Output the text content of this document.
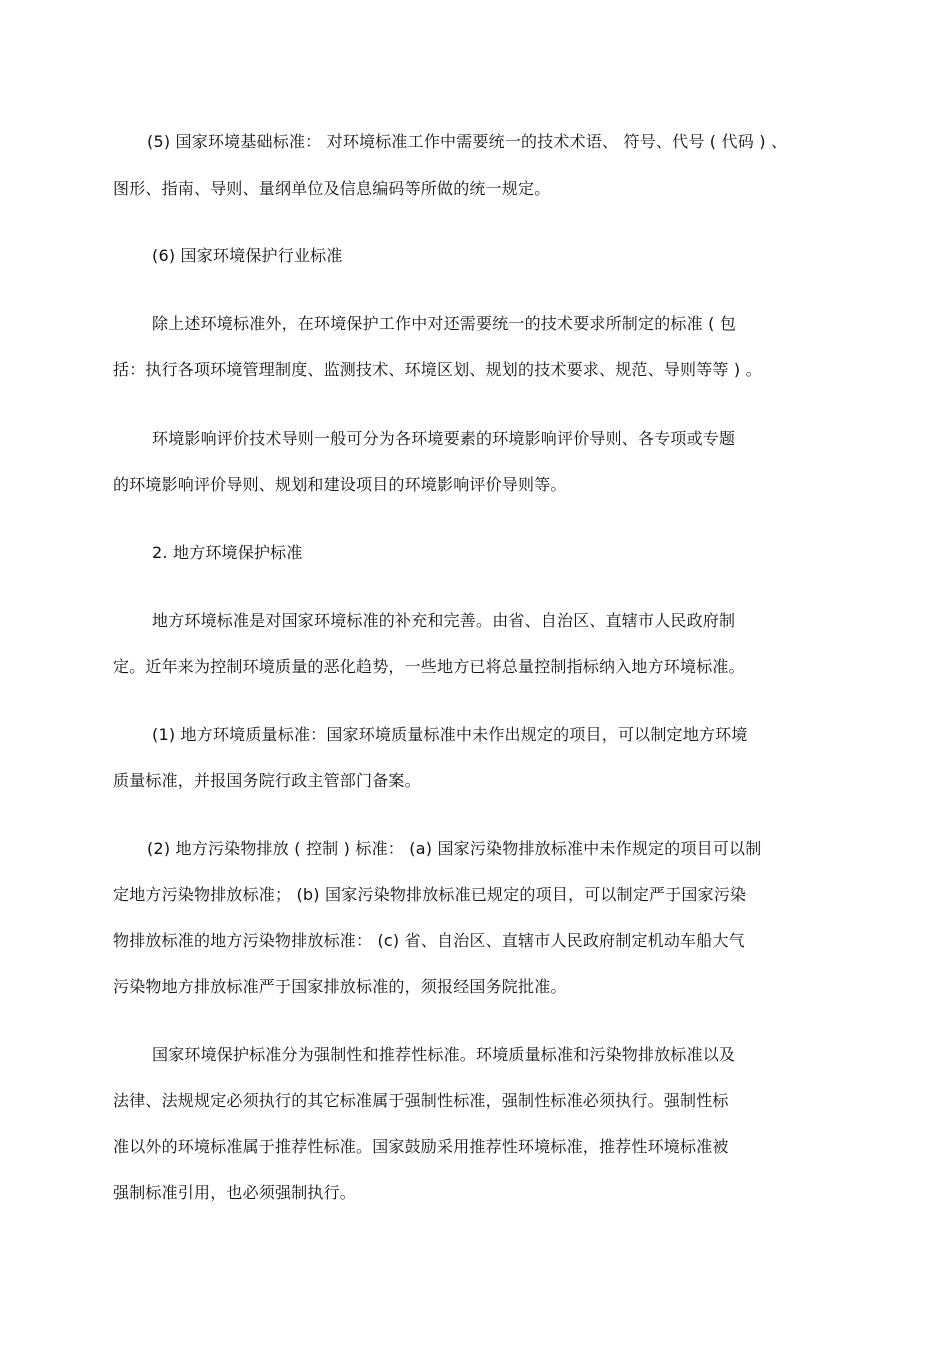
(5) 国家环境基础标准： 对环境标准工作中需要统一的技术术语、 符号、代号 ( 代码 ) 、
图形、指南、导则、量纲单位及信息编码等所做的统一规定。
(6) 国家环境保护行业标准
除上述环境标准外，在环境保护工作中对还需要统一的技术要求所制定的标准 ( 包
括：执行各项环境管理制度、监测技术、环境区划、规划的技术要求、规范、导则等等 ) 。
环境影响评价技术导则一般可分为各环境要素的环境影响评价导则、各专项或专题
的环境影响评价导则、规划和建设项目的环境影响评价导则等。
2. 地方环境保护标准
地方环境标准是对国家环境标准的补充和完善。由省、自治区、直辖市人民政府制
定。近年来为控制环境质量的恶化趋势，一些地方已将总量控制指标纳入地方环境标准。
(1) 地方环境质量标准：国家环境质量标准中未作出规定的项目，可以制定地方环境
质量标准，并报国务院行政主管部门备案。
(2) 地方污染物排放 ( 控制 ) 标准： (a) 国家污染物排放标准中未作规定的项目可以制
定地方污染物排放标准； (b) 国家污染物排放标准已规定的项目，可以制定严于国家污染
物排放标准的地方污染物排放标准： (c) 省、自治区、直辖市人民政府制定机动车船大气
污染物地方排放标准严于国家排放标准的，须报经国务院批准。
国家环境保护标准分为强制性和推荐性标准。环境质量标准和污染物排放标准以及
法律、法规规定必须执行的其它标准属于强制性标准，强制性标准必须执行。强制性标
准以外的环境标准属于推荐性标准。国家鼓励采用推荐性环境标准，推荐性环境标准被
强制标准引用，也必须强制执行。
